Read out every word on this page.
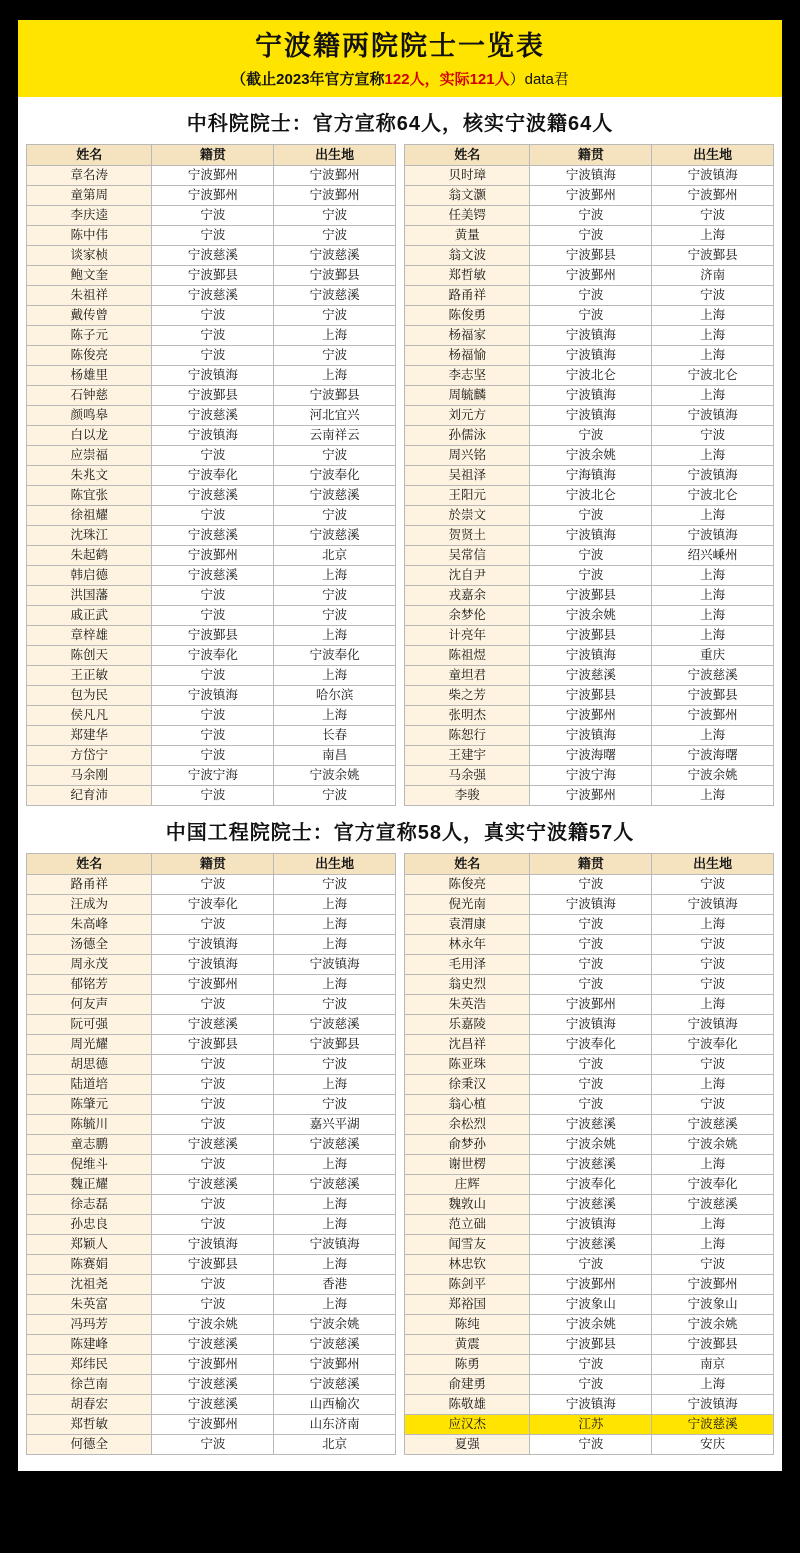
宁波籍两院院士一览表
（截止2023年官方宣称122人，实际121人）data君
中科院院士：官方宣称64人，核实宁波籍64人
姓名	籍贯	出生地
章名涛	宁波鄞州	宁波鄞州
童第周	宁波鄞州	宁波鄞州
李庆逵	宁波	宁波
陈中伟	宁波	宁波
谈家桢	宁波慈溪	宁波慈溪
鲍文奎	宁波鄞县	宁波鄞县
朱祖祥	宁波慈溪	宁波慈溪
戴传曾	宁波	宁波
陈子元	宁波	上海
陈俊亮	宁波	宁波
杨雄里	宁波镇海	上海
石钟慈	宁波鄞县	宁波鄞县
颜鸣皋	宁波慈溪	河北宜兴
白以龙	宁波镇海	云南祥云
应崇福	宁波	宁波
朱兆文	宁波奉化	宁波奉化
陈宜张	宁波慈溪	宁波慈溪
徐祖耀	宁波	宁波
沈珠江	宁波慈溪	宁波慈溪
朱起鹤	宁波鄞州	北京
韩启德	宁波慈溪	上海
洪国藩	宁波	宁波
戚正武	宁波	宁波
章梓雄	宁波鄞县	上海
陈创天	宁波奉化	宁波奉化
王正敏	宁波	上海
包为民	宁波镇海	哈尔滨
侯凡凡	宁波	上海
郑建华	宁波	长春
方岱宁	宁波	南昌
马余刚	宁波宁海	宁波余姚
纪育沛	宁波	宁波
姓名	籍贯	出生地
贝时璋	宁波镇海	宁波镇海
翁文灏	宁波鄞州	宁波鄞州
任美锷	宁波	宁波
黄量	宁波	上海
翁文波	宁波鄞县	宁波鄞县
郑哲敏	宁波鄞州	济南
路甬祥	宁波	宁波
陈俊勇	宁波	上海
杨福家	宁波镇海	上海
杨福愉	宁波镇海	上海
李志坚	宁波北仑	宁波北仑
周毓麟	宁波镇海	上海
刘元方	宁波镇海	宁波镇海
孙儒泳	宁波	宁波
周兴铭	宁波余姚	上海
吴祖泽	宁海镇海	宁波镇海
王阳元	宁波北仑	宁波北仑
於崇文	宁波	上海
贺贤土	宁波镇海	宁波镇海
吴常信	宁波	绍兴嵊州
沈自尹	宁波	上海
戎嘉余	宁波鄞县	上海
余梦伦	宁波余姚	上海
计亮年	宁波鄞县	上海
陈祖煜	宁波镇海	重庆
童坦君	宁波慈溪	宁波慈溪
柴之芳	宁波鄞县	宁波鄞县
张明杰	宁波鄞州	宁波鄞州
陈恕行	宁波镇海	上海
王建宇	宁波海曙	宁波海曙
马余强	宁波宁海	宁波余姚
李骏	宁波鄞州	上海
中国工程院院士：官方宣称58人，真实宁波籍57人
姓名	籍贯	出生地
路甬祥	宁波	宁波
汪成为	宁波奉化	上海
朱高峰	宁波	上海
汤德全	宁波镇海	上海
周永茂	宁波镇海	宁波镇海
郁铭芳	宁波鄞州	上海
何友声	宁波	宁波
阮可强	宁波慈溪	宁波慈溪
周光耀	宁波鄞县	宁波鄞县
胡思德	宁波	宁波
陆道培	宁波	上海
陈肇元	宁波	宁波
陈毓川	宁波	嘉兴平湖
童志鹏	宁波慈溪	宁波慈溪
倪维斗	宁波	上海
魏正耀	宁波慈溪	宁波慈溪
徐志磊	宁波	上海
孙忠良	宁波	上海
郑颖人	宁波镇海	宁波镇海
陈赛娟	宁波鄞县	上海
沈祖尧	宁波	香港
朱英富	宁波	上海
冯玛芳	宁波余姚	宁波余姚
陈建峰	宁波慈溪	宁波慈溪
郑纬民	宁波鄞州	宁波鄞州
徐芑南	宁波慈溪	宁波慈溪
胡春宏	宁波慈溪	山西榆次
郑哲敏	宁波鄞州	山东济南
何德全	宁波	北京
姓名	籍贯	出生地
陈俊亮	宁波	宁波
倪光南	宁波镇海	宁波镇海
袁渭康	宁波	上海
林永年	宁波	宁波
毛用泽	宁波	宁波
翁史烈	宁波	宁波
朱英浩	宁波鄞州	上海
乐嘉陵	宁波镇海	宁波镇海
沈昌祥	宁波奉化	宁波奉化
陈亚珠	宁波	宁波
徐秉汉	宁波	上海
翁心植	宁波	宁波
余松烈	宁波慈溪	宁波慈溪
俞梦孙	宁波余姚	宁波余姚
谢世楞	宁波慈溪	上海
庄辉	宁波奉化	宁波奉化
魏敦山	宁波慈溪	宁波慈溪
范立础	宁波镇海	上海
闻雪友	宁波慈溪	上海
林忠钦	宁波	宁波
陈剑平	宁波鄞州	宁波鄞州
郑裕国	宁波象山	宁波象山
陈纯	宁波余姚	宁波余姚
黄震	宁波鄞县	宁波鄞县
陈勇	宁波	南京
俞建勇	宁波	上海
陈敬雄	宁波镇海	宁波镇海
应汉杰	江苏	宁波慈溪
夏强	宁波	安庆
